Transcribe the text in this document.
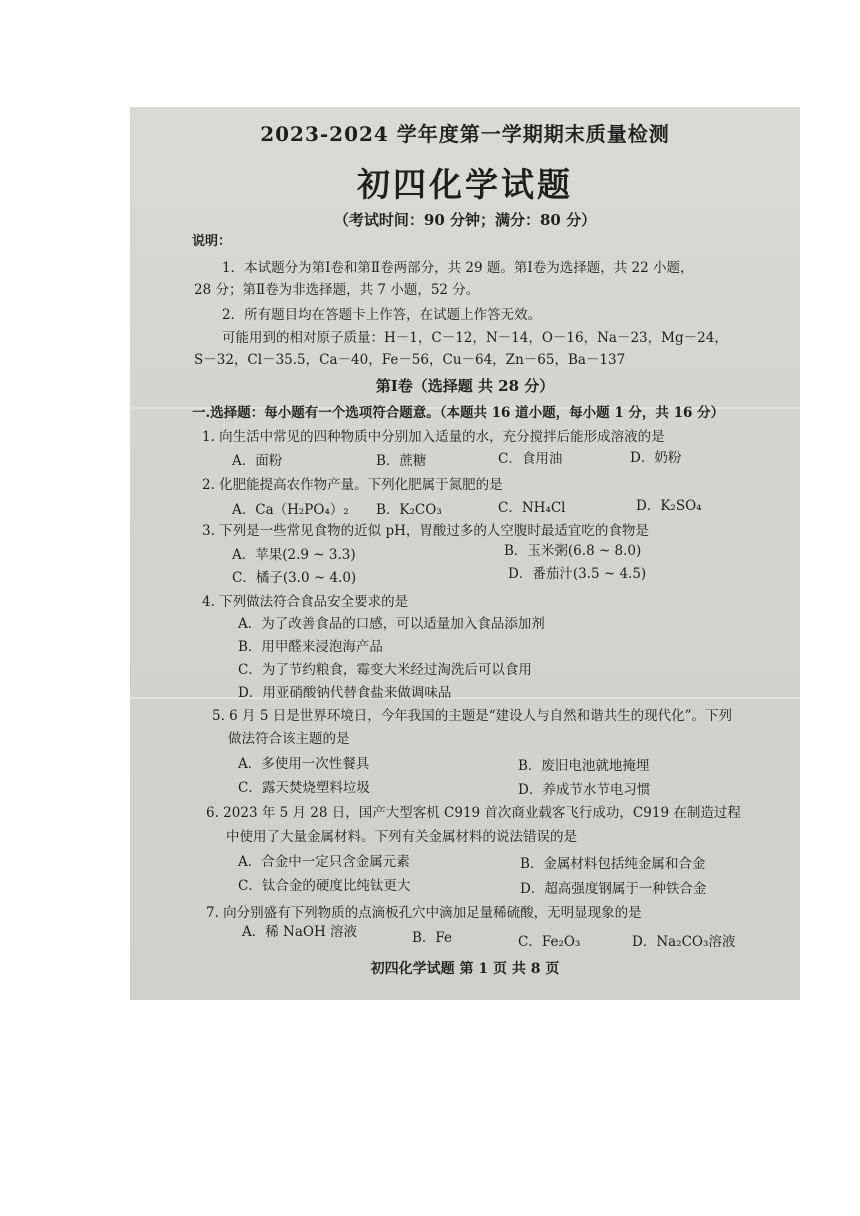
2023-2024 学年度第一学期期末质量检测
初四化学试题
（考试时间：90 分钟；满分：80 分）
说明：
1．本试题分为第Ⅰ卷和第Ⅱ卷两部分，共 29 题。第Ⅰ卷为选择题，共 22 小题，
28 分；第Ⅱ卷为非选择题，共 7 小题，52 分。
2．所有题目均在答题卡上作答，在试题上作答无效。
可能用到的相对原子质量：H－1，C－12，N－14，O－16，Na－23，Mg－24，
S－32，Cl－35.5，Ca－40，Fe－56，Cu－64，Zn－65，Ba－137
第Ⅰ卷（选择题 共 28 分）
一.选择题：每小题有一个选项符合题意。（本题共 16 道小题，每小题 1 分，共 16 分）
1. 向生活中常见的四种物质中分别加入适量的水，充分搅拌后能形成溶液的是
A．面粉	B．蔗糖	C．食用油	D．奶粉
2. 化肥能提高农作物产量。下列化肥属于氮肥的是
A．Ca（H₂PO₄）₂ B．K₂CO₃	C．NH₄Cl	D．K₂SO₄
3. 下列是一些常见食物的近似 pH，胃酸过多的人空腹时最适宜吃的食物是
A．苹果(2.9 ~ 3.3)	B．玉米粥(6.8 ~ 8.0)
C．橘子(3.0 ~ 4.0)	D．番茄汁(3.5 ~ 4.5)
4. 下列做法符合食品安全要求的是
A．为了改善食品的口感，可以适量加入食品添加剂
B．用甲醛来浸泡海产品
C．为了节约粮食，霉变大米经过淘洗后可以食用
D．用亚硝酸钠代替食盐来做调味品
5. 6 月 5 日是世界环境日，今年我国的主题是“建设人与自然和谐共生的现代化”。下列
做法符合该主题的是
A．多使用一次性餐具	B．废旧电池就地掩埋
C．露天焚烧塑料垃圾	D．养成节水节电习惯
6. 2023 年 5 月 28 日，国产大型客机 C919 首次商业载客飞行成功，C919 在制造过程
中使用了大量金属材料。下列有关金属材料的说法错误的是
A．合金中一定只含金属元素	B．金属材料包括纯金属和合金
C．钛合金的硬度比纯钛更大	D．超高强度钢属于一种铁合金
7. 向分别盛有下列物质的点滴板孔穴中滴加足量稀硫酸，无明显现象的是
A．稀 NaOH 溶液	B．Fe	C．Fe₂O₃	D．Na₂CO₃溶液
初四化学试题 第 1 页 共 8 页
